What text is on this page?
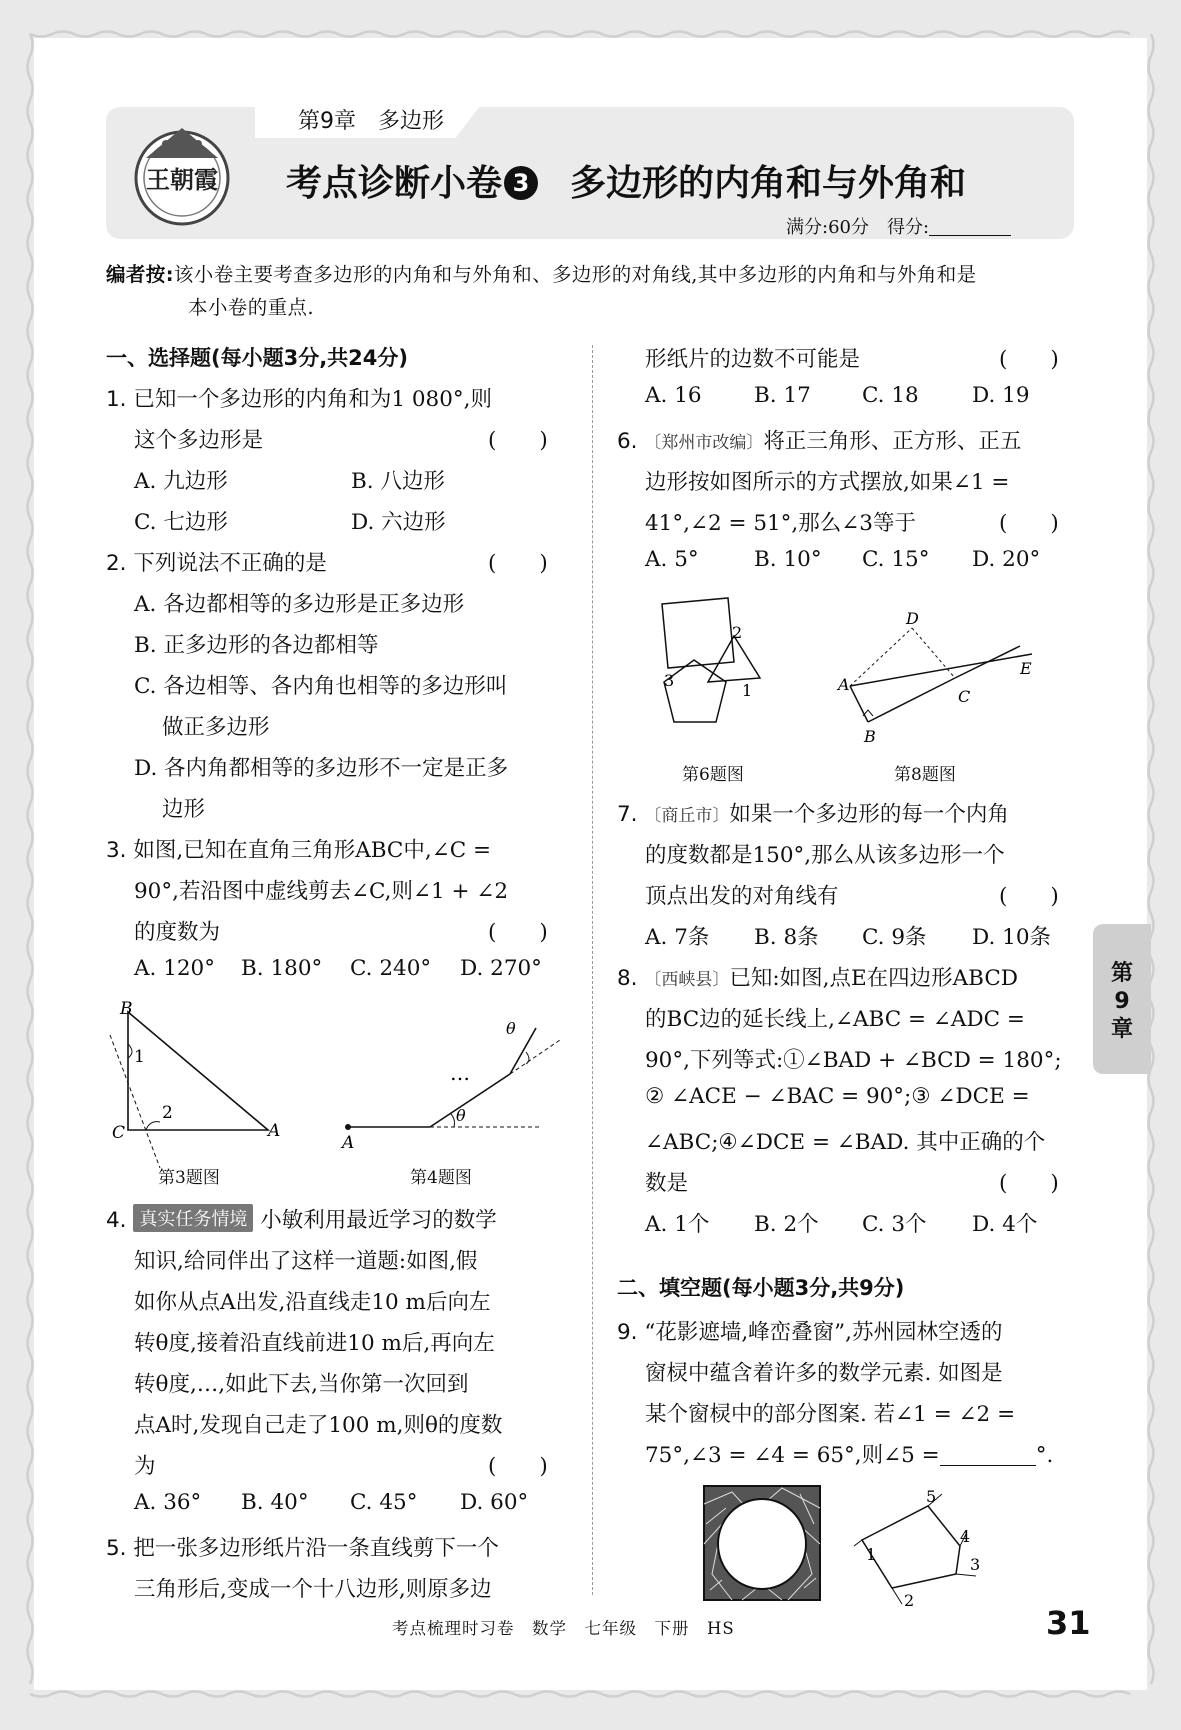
王朝霞
第9章　多边形
考点诊断小卷 3 多边形的内角和与外角和
满分:60分　得分:
编者按:该小卷主要考查多边形的内角和与外角和、多边形的对角线,其中多边形的内角和与外角和是
本小卷的重点.
一、选择题(每小题3分,共24分)
1. 已知一个多边形的内角和为1 080°,则
这个多边形是	(　　)
A. 九边形	B. 八边形
C. 七边形	D. 六边形
2. 下列说法不正确的是	(　　)
A. 各边都相等的多边形是正多边形
B. 正多边形的各边都相等
C. 各边相等、各内角也相等的多边形叫
做正多边形
D. 各内角都相等的多边形不一定是正多
边形
3. 如图,已知在直角三角形ABC中,∠C =
90°,若沿图中虚线剪去∠C,则∠1 + ∠2
的度数为	(　　)
A. 120° B. 180° C. 240° D. 270°
B
1
2
C	A
第3题图
…
θ
θ
A
第4题图
4. 真实任务情境 小敏利用最近学习的数学
知识,给同伴出了这样一道题:如图,假
如你从点A出发,沿直线走10 m后向左
转θ度,接着沿直线前进10 m后,再向左
转θ度,…,如此下去,当你第一次回到
点A时,发现自己走了100 m,则θ的度数
为	(　　)
A. 36° B. 40° C. 45° D. 60°
5. 把一张多边形纸片沿一条直线剪下一个
三角形后,变成一个十八边形,则原多边
形纸片的边数不可能是	(　　)
A. 16 B. 17 C. 18 D. 19
6. 〔郑州市改编〕将正三角形、正方形、正五
边形按如图所示的方式摆放,如果∠1 =
41°,∠2 = 51°,那么∠3等于	(　　)
A. 5°	B. 10° C. 15° D. 20°
2
1
3
第6题图
A
B
C
D
E
第8题图
7. 〔商丘市〕如果一个多边形的每一个内角
的度数都是150°,那么从该多边形一个
顶点出发的对角线有	(　　)
A. 7条 B. 8条 C. 9条 D. 10条
8. 〔西峡县〕已知:如图,点E在四边形ABCD
的BC边的延长线上,∠ABC = ∠ADC =
90°,下列等式:①∠BAD + ∠BCD = 180°;
② ∠ACE − ∠BAC = 90°;③ ∠DCE =
∠ABC;④∠DCE = ∠BAD. 其中正确的个
数是	(　　)
A. 1个 B. 2个 C. 3个 D. 4个
二、填空题(每小题3分,共9分)
9. “花影遮墙,峰峦叠窗”,苏州园林空透的
窗棂中蕴含着许多的数学元素. 如图是
某个窗棂中的部分图案. 若∠1 = ∠2 =
75°,∠3 = ∠4 = 65°,则∠5 =	°.
1
2
3
4
5
第
9
章
考点梳理时习卷　数学　七年级　下册　HS	31
